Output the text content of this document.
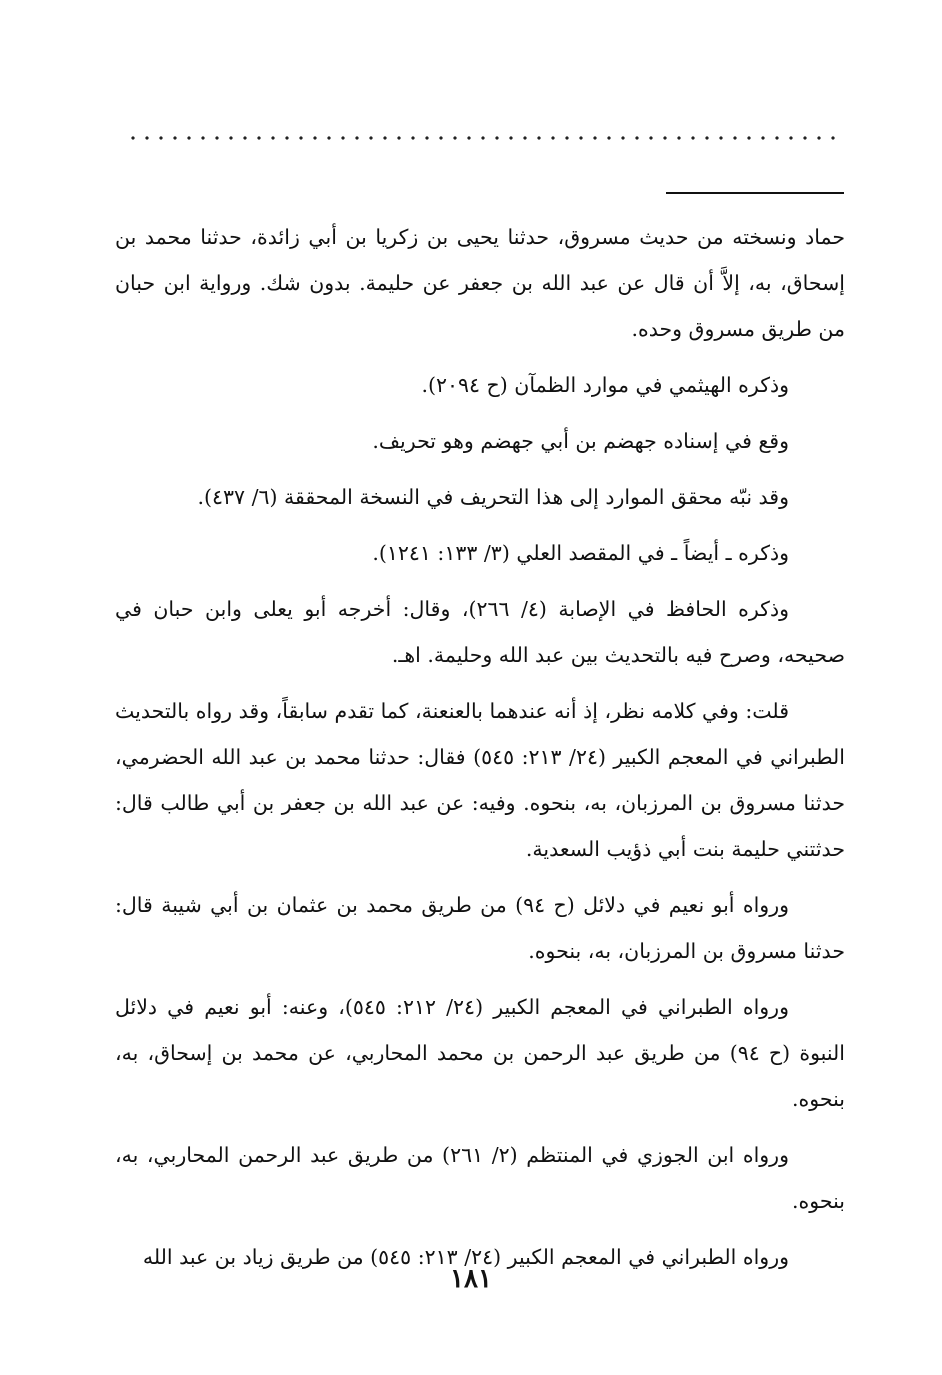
حماد ونسخته من حديث مسروق، حدثنا يحيى بن زكريا بن أبي زائدة، حدثنا محمد بن إسحاق، به، إلاَّ أن قال عن عبد الله بن جعفر عن حليمة. بدون شك. ورواية ابن حبان من طريق مسروق وحده.

وذكره الهيثمي في موارد الظمآن (ح ٢٠٩٤).

وقع في إسناده جهضم بن أبي جهضم وهو تحريف.

وقد نبّه محقق الموارد إلى هذا التحريف في النسخة المحققة (٦/ ٤٣٧).

وذكره ـ أيضاً ـ في المقصد العلي (٣/ ١٣٣: ١٢٤١).

وذكره الحافظ في الإصابة (٤/ ٢٦٦)، وقال: أخرجه أبو يعلى وابن حبان في صحيحه، وصرح فيه بالتحديث بين عبد الله وحليمة. اهـ.

قلت: وفي كلامه نظر، إذ أنه عندهما بالعنعنة، كما تقدم سابقاً، وقد رواه بالتحديث الطبراني في المعجم الكبير (٢٤/ ٢١٣: ٥٤٥) فقال: حدثنا محمد بن عبد الله الحضرمي، حدثنا مسروق بن المرزبان، به، بنحوه. وفيه: عن عبد الله بن جعفر بن أبي طالب قال: حدثتني حليمة بنت أبي ذؤيب السعدية.

ورواه أبو نعيم في دلائل (ح ٩٤) من طريق محمد بن عثمان بن أبي شيبة قال: حدثنا مسروق بن المرزبان، به، بنحوه.

ورواه الطبراني في المعجم الكبير (٢٤/ ٢١٢: ٥٤٥)، وعنه: أبو نعيم في دلائل النبوة (ح ٩٤) من طريق عبد الرحمن بن محمد المحاربي، عن محمد بن إسحاق، به، بنحوه.

ورواه ابن الجوزي في المنتظم (٢/ ٢٦١) من طريق عبد الرحمن المحاربي، به، بنحوه.

ورواه الطبراني في المعجم الكبير (٢٤/ ٢١٣: ٥٤٥) من طريق زياد بن عبد الله

١٨١
